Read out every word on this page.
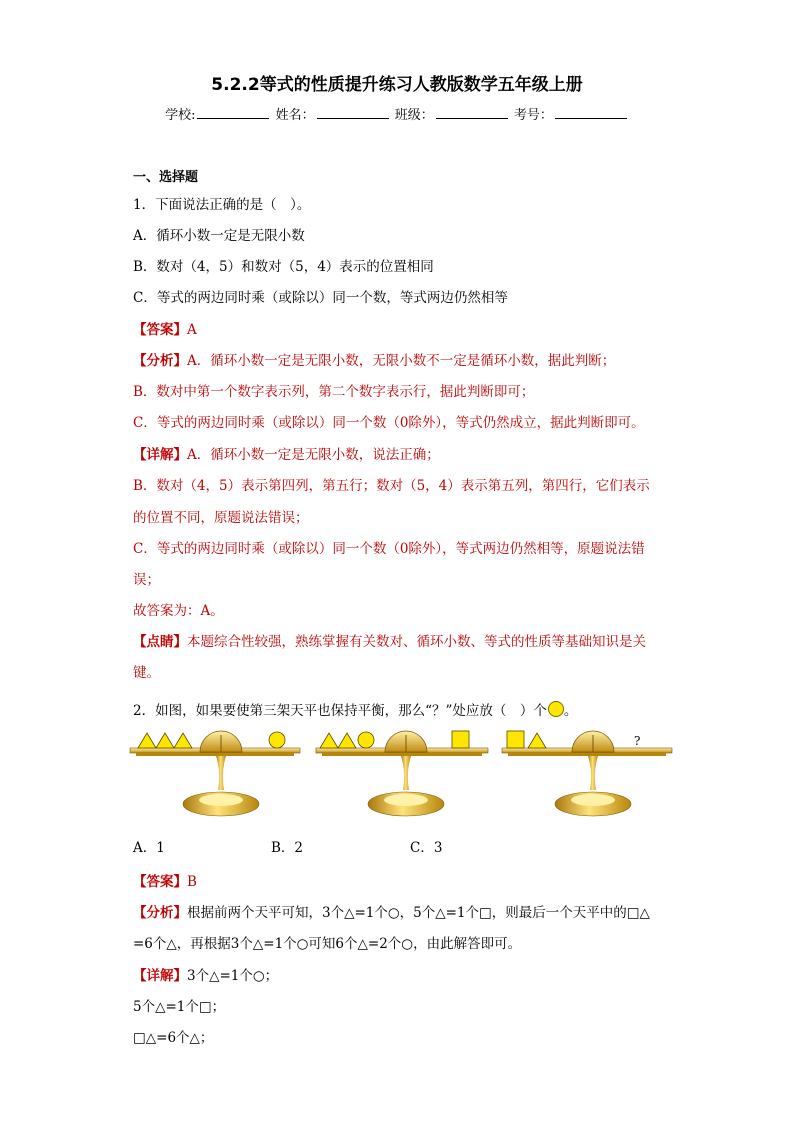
5.2.2等式的性质提升练习人教版数学五年级上册
学校:	姓名：	班级：	考号：
一、选择题
1．下面说法正确的是（　）。
A．循环小数一定是无限小数
B．数对（4，5）和数对（5，4）表示的位置相同
C．等式的两边同时乘（或除以）同一个数，等式两边仍然相等
【答案】A
【分析】A．循环小数一定是无限小数，无限小数不一定是循环小数，据此判断；
B．数对中第一个数字表示列，第二个数字表示行，据此判断即可；
C．等式的两边同时乘（或除以）同一个数（0除外），等式仍然成立，据此判断即可。
【详解】A．循环小数一定是无限小数，说法正确；
B．数对（4，5）表示第四列，第五行；数对（5，4）表示第五列，第四行，它们表示
的位置不同，原题说法错误；
C．等式的两边同时乘（或除以）同一个数（0除外），等式两边仍然相等，原题说法错
误；
故答案为：A。
【点睛】本题综合性较强，熟练掌握有关数对、循环小数、等式的性质等基础知识是关
键。
2．如图，如果要使第三架天平也保持平衡，那么“？”处应放（　）个 。
?
A．1	B．2	C．3
【答案】B
【分析】根据前两个天平可知，3个△=1个○，5个△=1个□，则最后一个天平中的□△
=6个△，再根据3个△=1个○可知6个△=2个○，由此解答即可。
【详解】3个△=1个○；
5个△=1个□；
□△=6个△；
